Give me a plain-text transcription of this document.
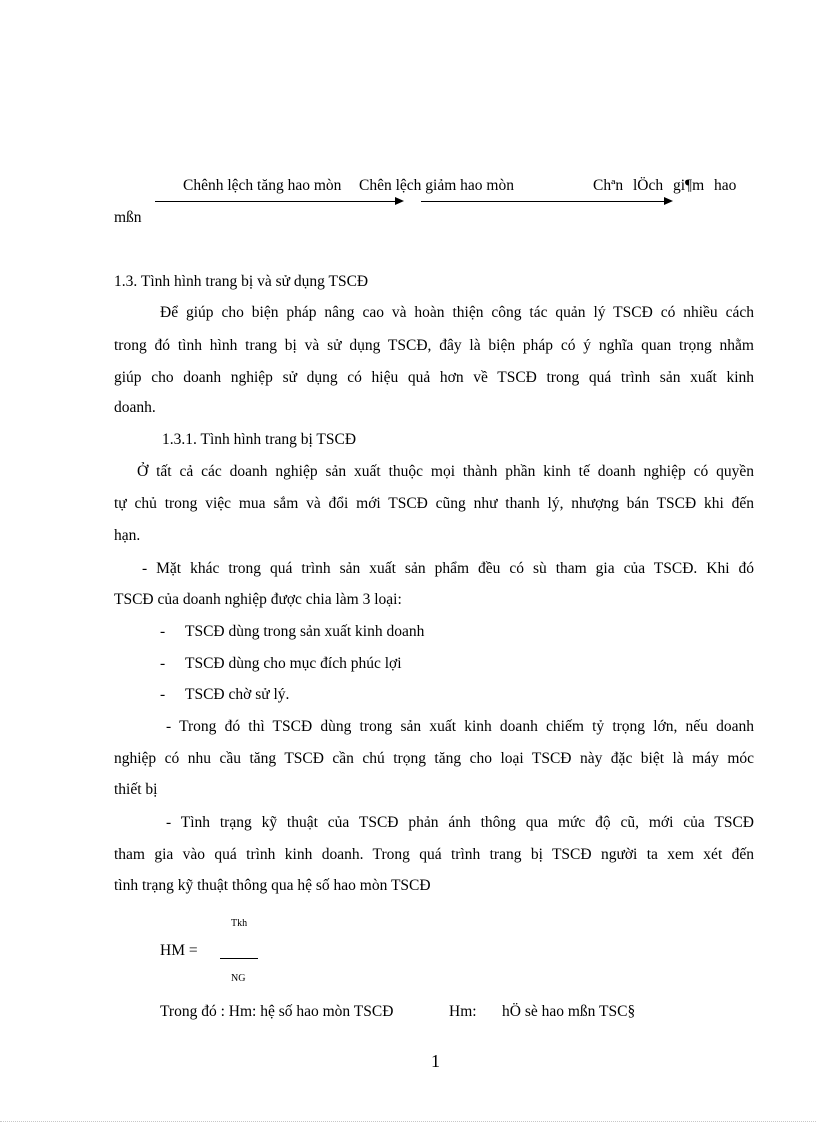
Chênh lệch tăng hao mòn Chên lệch giảm hao mòn	Chªn lÖch gi¶m hao
mßn
1.3. Tình hình trang bị và sử dụng TSCĐ
Để giúp cho biện pháp nâng cao và hoàn thiện công tác quản lý TSCĐ có nhiều cách
trong đó tình hình trang bị và sử dụng TSCĐ, đây là biện pháp có ý nghĩa quan trọng nhằm
giúp cho doanh nghiệp sử dụng có hiệu quả hơn về TSCĐ trong quá trình sản xuất kinh
doanh.
1.3.1. Tình hình trang bị TSCĐ
Ở tất cả các doanh nghiệp sản xuất thuộc mọi thành phần kinh tế doanh nghiệp có quyền
tự chủ trong việc mua sắm và đổi mới TSCĐ cũng như thanh lý, nhượng bán TSCĐ khi đến
hạn.
- Mặt khác trong quá trình sản xuất sản phẩm đều có sù tham gia của TSCĐ. Khi đó
TSCĐ của doanh nghiệp được chia làm 3 loại:
- TSCĐ dùng trong sản xuất kinh doanh
- TSCĐ dùng cho mục đích phúc lợi
- TSCĐ chờ sử lý.
- Trong đó thì TSCĐ dùng trong sản xuất kinh doanh chiếm tỷ trọng lớn, nếu doanh
nghiệp có nhu cầu tăng TSCĐ cần chú trọng tăng cho loại TSCĐ này đặc biệt là máy móc
thiết bị
- Tình trạng kỹ thuật của TSCĐ phản ánh thông qua mức độ cũ, mới của TSCĐ
tham gia vào quá trình kinh doanh. Trong quá trình trang bị TSCĐ người ta xem xét đến
tình trạng kỹ thuật thông qua hệ số hao mòn TSCĐ
Tkh
HM =
NG
Trong đó : Hm: hệ số hao mòn TSCĐ	Hm: hÖ sè hao mßn TSC§
1
